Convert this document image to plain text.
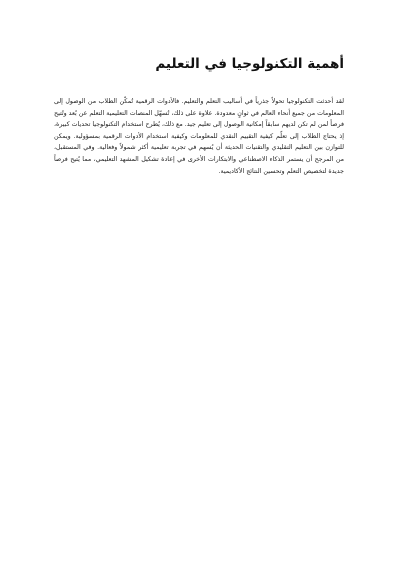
أهمية التكنولوجيا في التعليم

لقد أحدثت التكنولوجيا تحولاً جذرياً في أساليب التعلم والتعليم. فالأدوات الرقمية تُمكّن الطلاب من الوصول إلى المعلومات من جميع أنحاء العالم في ثوانٍ معدودة. علاوة على ذلك، تُسهّل المنصات التعليمية التعلم عن بُعد وتُتيح فرصاً لمن لم تكن لديهم سابقاً إمكانية الوصول إلى تعليم جيد. مع ذلك، يُطرح استخدام التكنولوجيا تحديات كبيرة، إذ يحتاج الطلاب إلى تعلّم كيفية التقييم النقدي للمعلومات وكيفية استخدام الأدوات الرقمية بمسؤولية. ويمكن للتوازن بين التعليم التقليدي والتقنيات الحديثة أن يُسهم في تجربة تعليمية أكثر شمولاً وفعالية. وفي المستقبل، من المرجح أن يستمر الذكاء الاصطناعي والابتكارات الأخرى في إعادة تشكيل المشهد التعليمي، مما يُتيح فرصاً جديدة لتخصيص التعلم وتحسين النتائج الأكاديمية.
